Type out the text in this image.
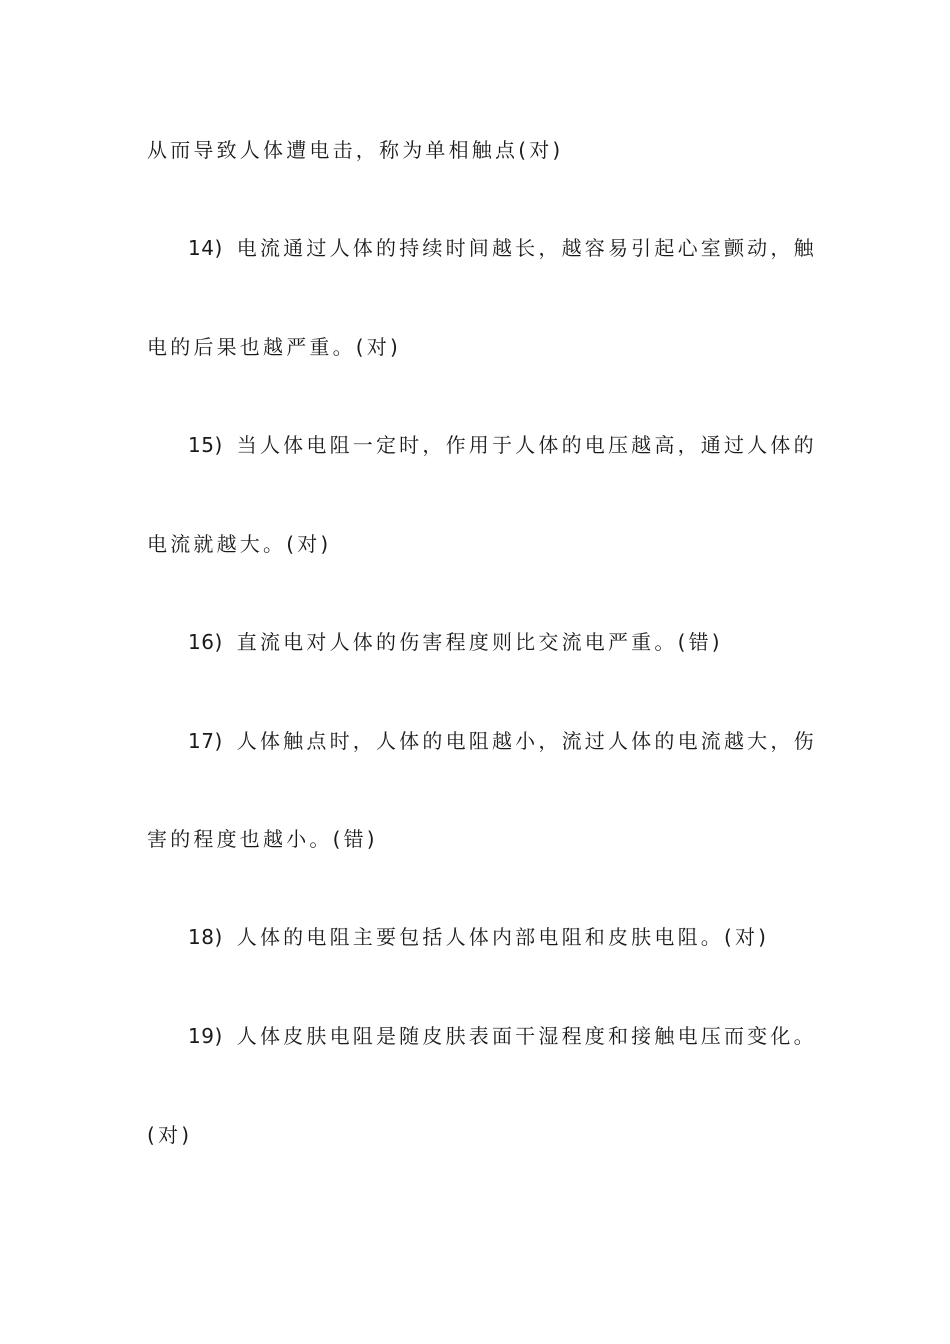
从而导致人体遭电击，称为单相触点(对)
14) 电流通过人体的持续时间越长，越容易引起心室颤动，触
电的后果也越严重。(对)
15) 当人体电阻一定时，作用于人体的电压越高，通过人体的
电流就越大。(对)
16) 直流电对人体的伤害程度则比交流电严重。(错)
17) 人体触点时，人体的电阻越小，流过人体的电流越大，伤
害的程度也越小。(错)
18) 人体的电阻主要包括人体内部电阻和皮肤电阻。(对)
19) 人体皮肤电阻是随皮肤表面干湿程度和接触电压而变化。
(对)
